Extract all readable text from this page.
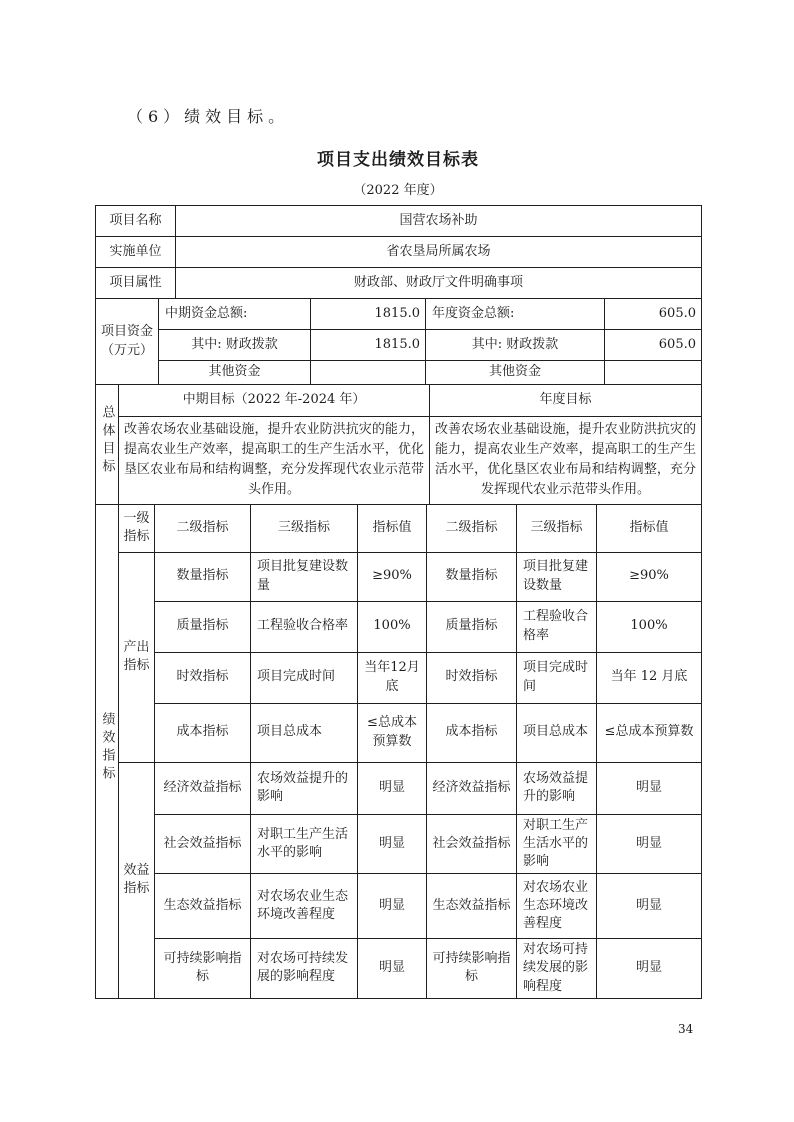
（6）绩效目标。
项目支出绩效目标表
（2022 年度）
项目名称	国营农场补助
实施单位	省农垦局所属农场
项目属性	财政部、财政厅文件明确事项
项目资金（万元）	中期资金总额:	1815.0	年度资金总额:	605.0
	其中: 财政拨款	1815.0	其中: 财政拨款	605.0
	其他资金		其他资金	
总体目标	中期目标（2022 年-2024 年）	年度目标
	改善农场农业基础设施，提升农业防洪抗灾的能力，提高农业生产效率，提高职工的生产生活水平，优化垦区农业布局和结构调整，充分发挥现代农业示范带头作用。	改善农场农业基础设施，提升农业防洪抗灾的能力，提高农业生产效率，提高职工的生产生活水平，优化垦区农业布局和结构调整，充分发挥现代农业示范带头作用。
绩效指标	一级指标	二级指标	三级指标	指标值	二级指标	三级指标	指标值
	产出指标	数量指标	项目批复建设数量	≥90%	数量指标	项目批复建设数量	≥90%
		质量指标	工程验收合格率	100%	质量指标	工程验收合格率	100%
		时效指标	项目完成时间	当年12月底	时效指标	项目完成时间	当年 12 月底
		成本指标	项目总成本	≤总成本预算数	成本指标	项目总成本	≤总成本预算数
	效益指标	经济效益指标	农场效益提升的影响	明显	经济效益指标	农场效益提升的影响	明显
		社会效益指标	对职工生产生活水平的影响	明显	社会效益指标	对职工生产生活水平的影响	明显
		生态效益指标	对农场农业生态环境改善程度	明显	生态效益指标	对农场农业生态环境改善程度	明显
		可持续影响指标	对农场可持续发展的影响程度	明显	可持续影响指标	对农场可持续发展的影响程度	明显
34
